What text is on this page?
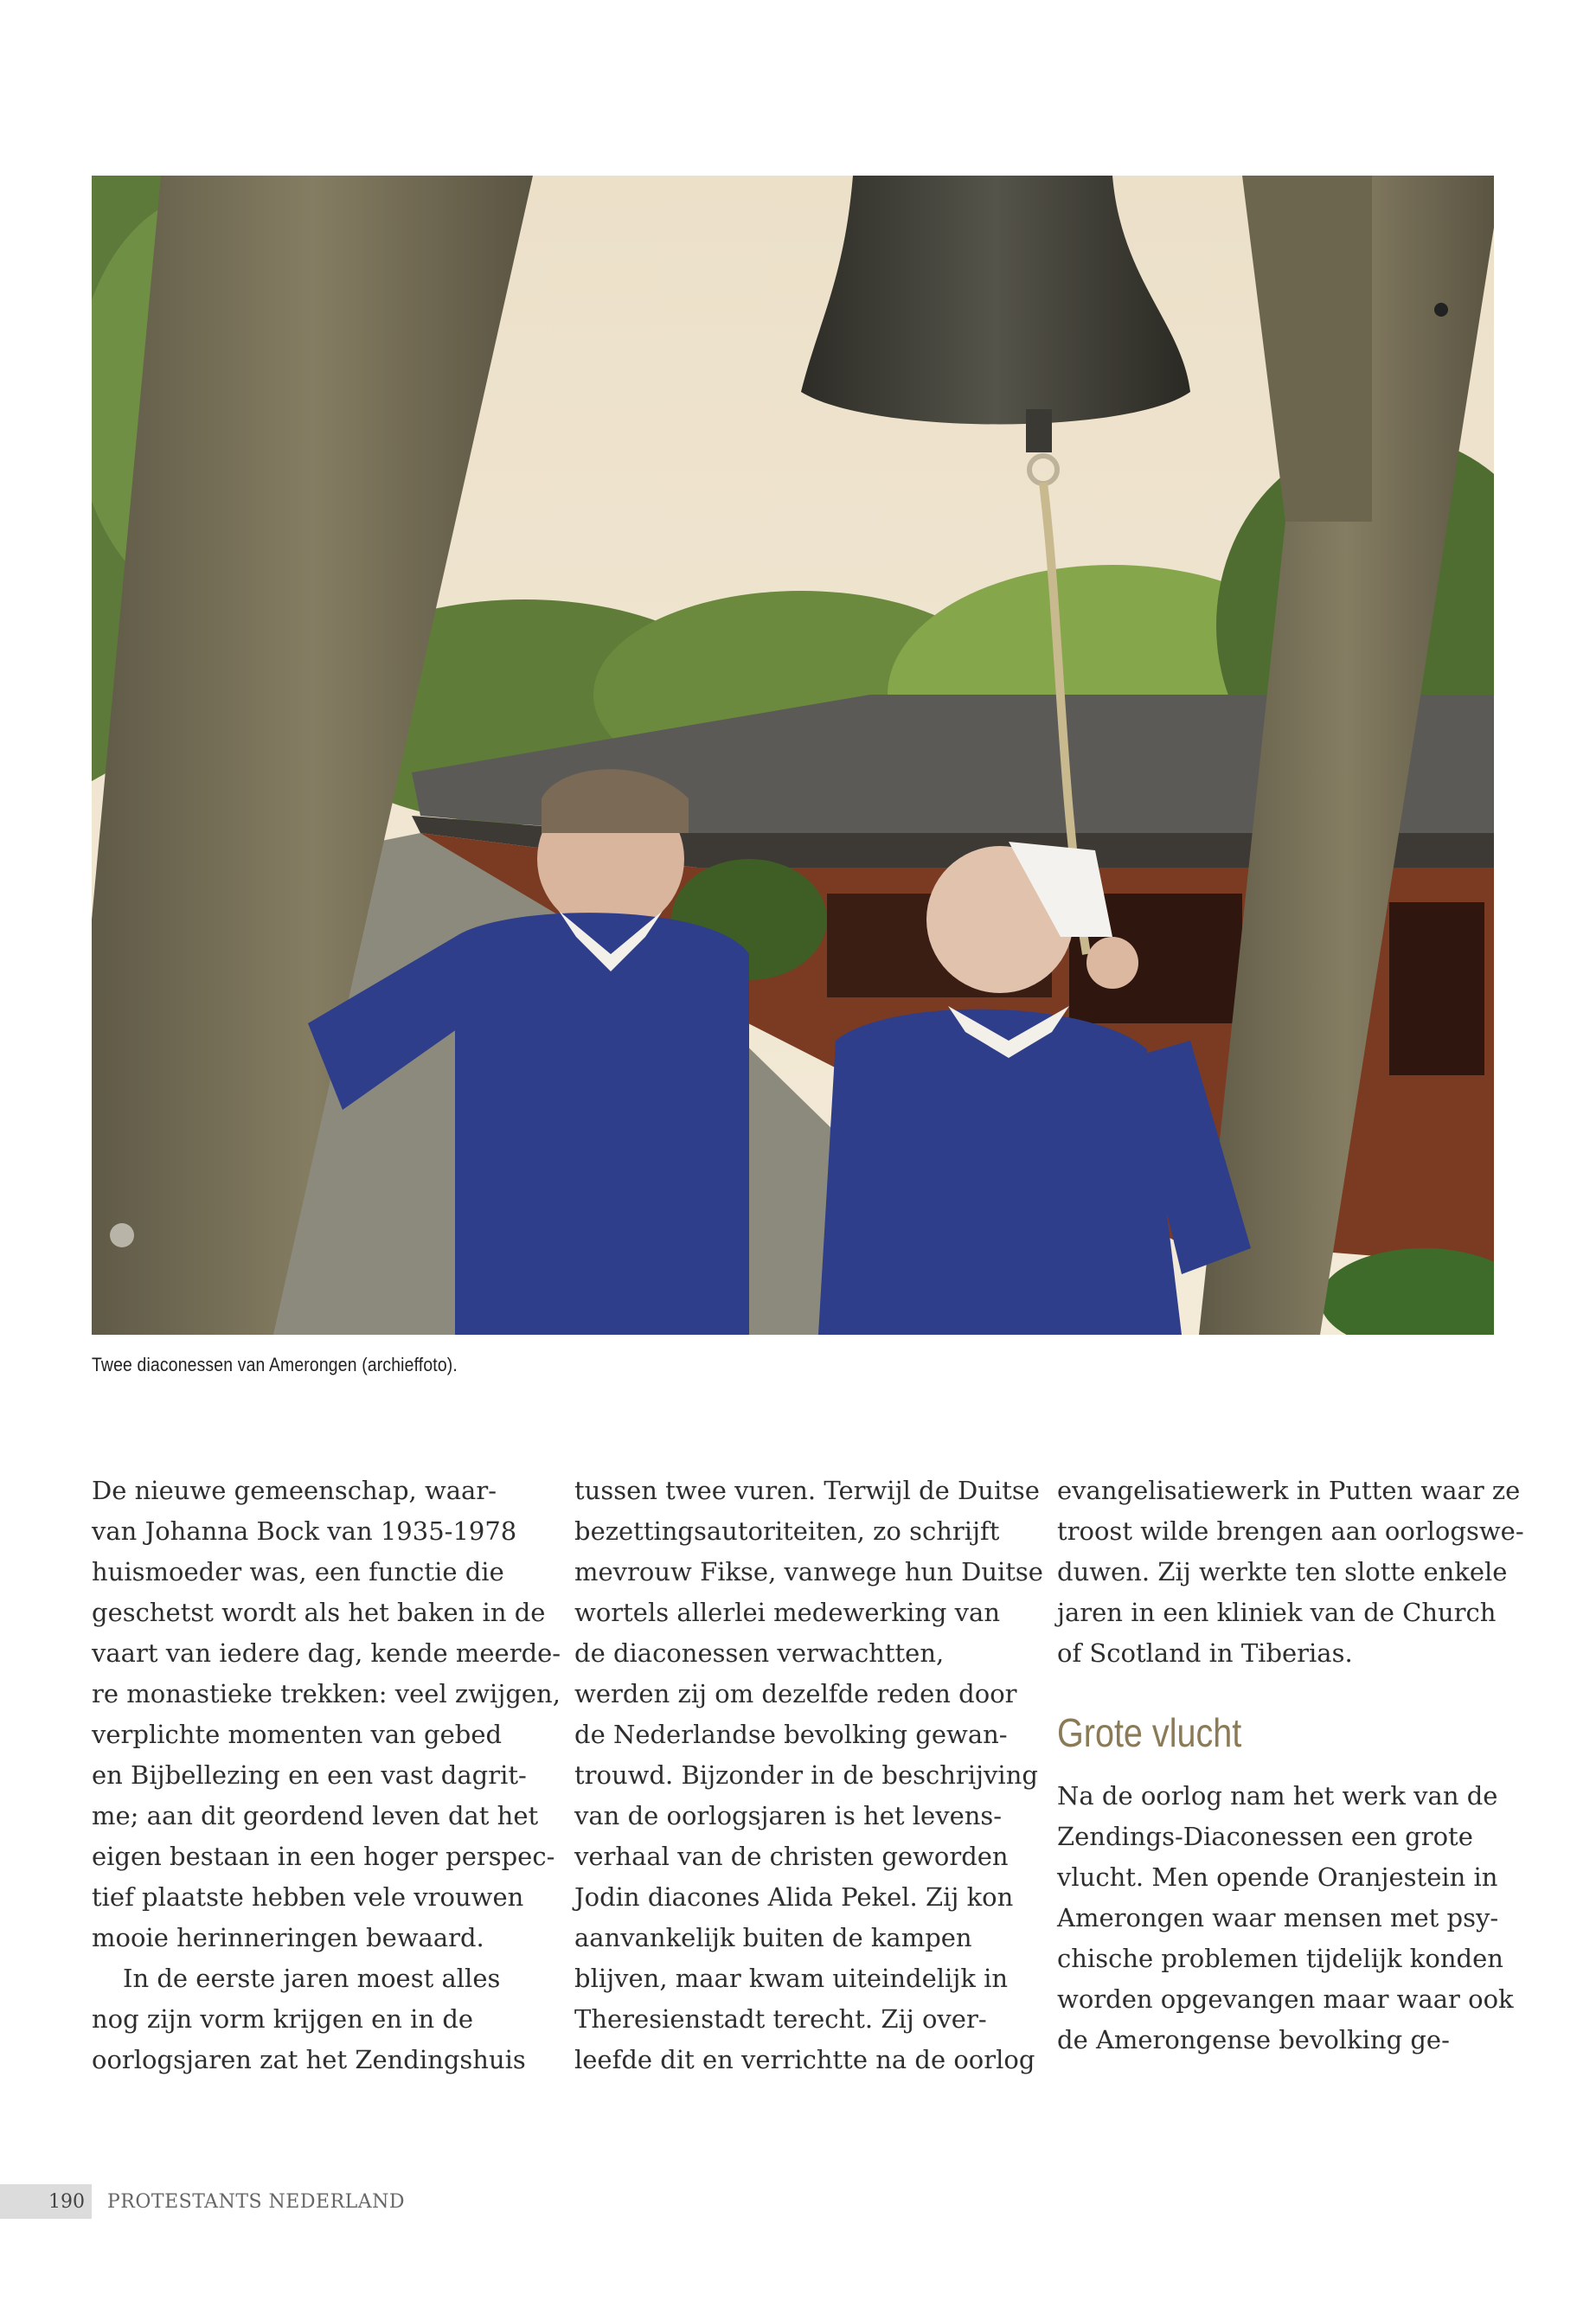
Twee diaconessen van Amerongen (archieffoto).

De nieuwe gemeenschap, waar-
van Johanna Bock van 1935-1978
huismoeder was, een functie die
geschetst wordt als het baken in de
vaart van iedere dag, kende meerde-
re monastieke trekken: veel zwijgen,
verplichte momenten van gebed
en Bijbellezing en een vast dagrit-
me; aan dit geordend leven dat het
eigen bestaan in een hoger perspec-
tief plaatste hebben vele vrouwen
mooie herinneringen bewaard.

In de eerste jaren moest alles
nog zijn vorm krijgen en in de
oorlogsjaren zat het Zendingshuis

tussen twee vuren. Terwijl de Duitse
bezettingsautoriteiten, zo schrijft
mevrouw Fikse, vanwege hun Duitse
wortels allerlei medewerking van
de diaconessen verwachtten,
werden zij om dezelfde reden door
de Nederlandse bevolking gewan-
trouwd. Bijzonder in de beschrijving
van de oorlogsjaren is het levens-
verhaal van de christen geworden
Jodin diacones Alida Pekel. Zij kon
aanvankelijk buiten de kampen
blijven, maar kwam uiteindelijk in
Theresienstadt terecht. Zij over-
leefde dit en verrichtte na de oorlog

evangelisatiewerk in Putten waar ze
troost wilde brengen aan oorlogswe-
duwen. Zij werkte ten slotte enkele
jaren in een kliniek van de Church
of Scotland in Tiberias.

Grote vlucht

Na de oorlog nam het werk van de
Zendings-Diaconessen een grote
vlucht. Men opende Oranjestein in
Amerongen waar mensen met psy-
chische problemen tijdelijk konden
worden opgevangen maar waar ook
de Amerongense bevolking ge-

190 PROTESTANTS NEDERLAND
